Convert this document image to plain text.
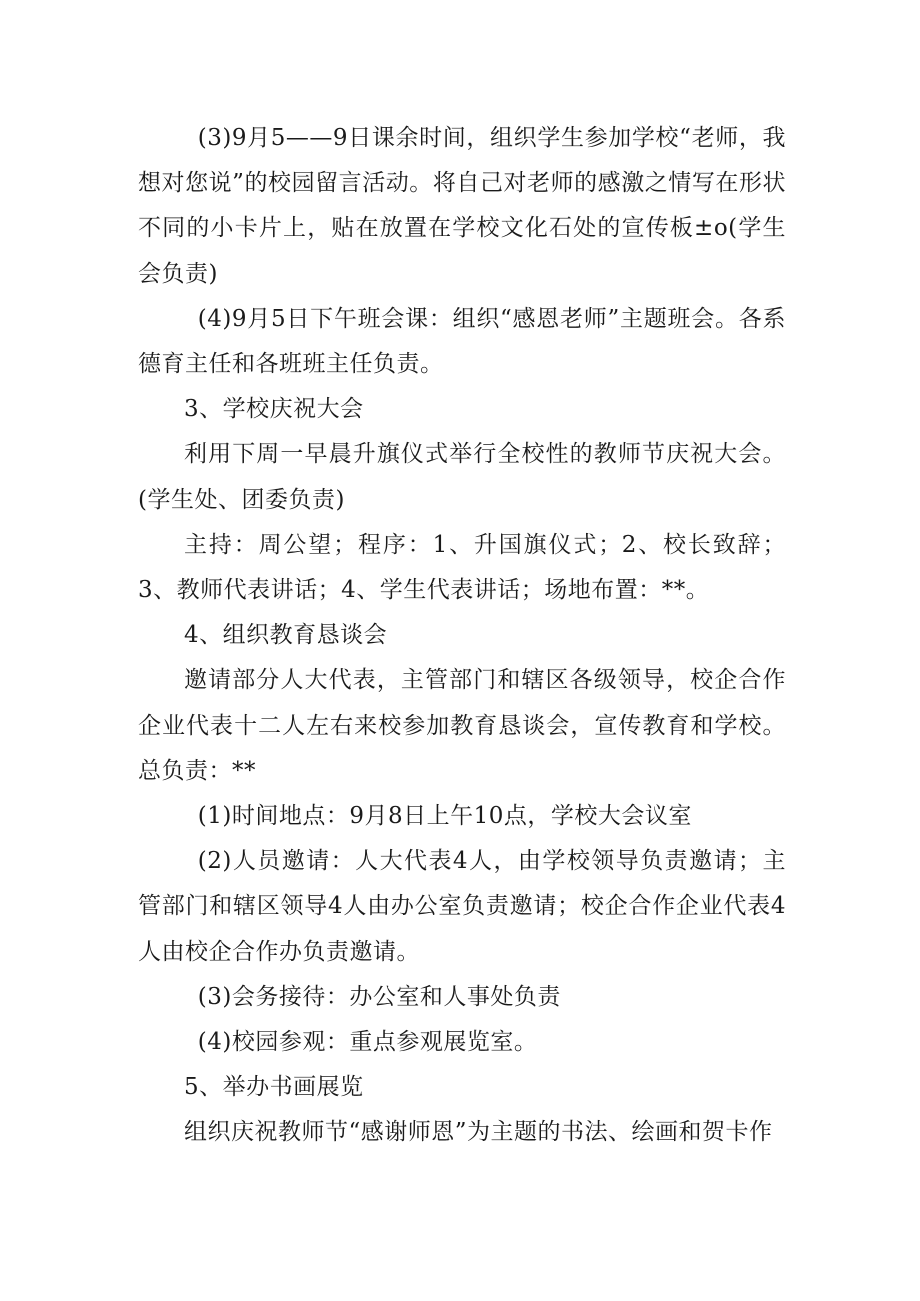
(3)9月5——9日课余时间，组织学生参加学校“老师，我想对您说”的校园留言活动。将自己对老师的感激之情写在形状不同的小卡片上，贴在放置在学校文化石处的宣传板±o(学生会负责)

(4)9月5日下午班会课：组织“感恩老师”主题班会。各系德育主任和各班班主任负责。

3、学校庆祝大会

利用下周一早晨升旗仪式举行全校性的教师节庆祝大会。(学生处、团委负责)

主持：周公望；程序：1、升国旗仪式；2、校长致辞；3、教师代表讲话；4、学生代表讲话；场地布置：**。

4、组织教育恳谈会

邀请部分人大代表，主管部门和辖区各级领导，校企合作企业代表十二人左右来校参加教育恳谈会，宣传教育和学校。总负责：**

(1)时间地点：9月8日上午10点，学校大会议室

(2)人员邀请：人大代表4人，由学校领导负责邀请；主管部门和辖区领导4人由办公室负责邀请；校企合作企业代表4人由校企合作办负责邀请。

(3)会务接待：办公室和人事处负责

(4)校园参观：重点参观展览室。

5、举办书画展览

组织庆祝教师节“感谢师恩”为主题的书法、绘画和贺卡作
